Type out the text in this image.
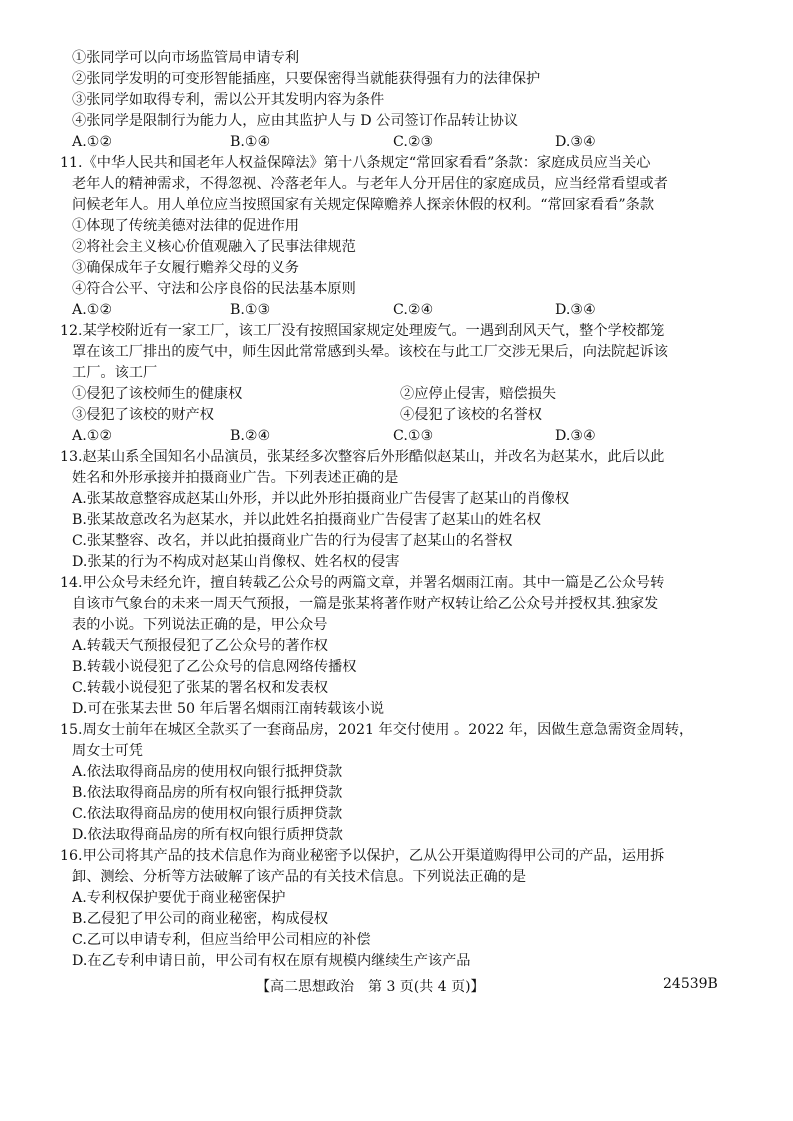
①张同学可以向市场监管局申请专利
②张同学发明的可变形智能插座，只要保密得当就能获得强有力的法律保护
③张同学如取得专利，需以公开其发明内容为条件
④张同学是限制行为能力人，应由其监护人与 D 公司签订作品转让协议
A.①②	B.①④	C.②③	D.③④
11.《中华人民共和国老年人权益保障法》第十八条规定“常回家看看”条款：家庭成员应当关心
老年人的精神需求，不得忽视、冷落老年人。与老年人分开居住的家庭成员，应当经常看望或者
问候老年人。用人单位应当按照国家有关规定保障赡养人探亲休假的权利。“常回家看看”条款
①体现了传统美德对法律的促进作用
②将社会主义核心价值观融入了民事法律规范
③确保成年子女履行赡养父母的义务
④符合公平、守法和公序良俗的民法基本原则
A.①②	B.①③	C.②④	D.③④
12.某学校附近有一家工厂，该工厂没有按照国家规定处理废气。一遇到刮风天气，整个学校都笼
罩在该工厂排出的废气中，师生因此常常感到头晕。该校在与此工厂交涉无果后，向法院起诉该
工厂。该工厂
①侵犯了该校师生的健康权	②应停止侵害，赔偿损失
③侵犯了该校的财产权	④侵犯了该校的名誉权
A.①②	B.②④	C.①③	D.③④
13.赵某山系全国知名小品演员，张某经多次整容后外形酷似赵某山，并改名为赵某水，此后以此
姓名和外形承接并拍摄商业广告。下列表述正确的是
A.张某故意整容成赵某山外形，并以此外形拍摄商业广告侵害了赵某山的肖像权
B.张某故意改名为赵某水，并以此姓名拍摄商业广告侵害了赵某山的姓名权
C.张某整容、改名，并以此拍摄商业广告的行为侵害了赵某山的名誉权
D.张某的行为不构成对赵某山肖像权、姓名权的侵害
14.甲公众号未经允许，擅自转载乙公众号的两篇文章，并署名烟雨江南。其中一篇是乙公众号转
自该市气象台的未来一周天气预报，一篇是张某将著作财产权转让给乙公众号并授权其.独家发
表的小说。下列说法正确的是，甲公众号
A.转载天气预报侵犯了乙公众号的著作权
B.转载小说侵犯了乙公众号的信息网络传播权
C.转载小说侵犯了张某的署名权和发表权
D.可在张某去世 50 年后署名烟雨江南转载该小说
15.周女士前年在城区全款买了一套商品房，2021 年交付使用 。2022 年，因做生意急需资金周转，
周女士可凭
A.依法取得商品房的使用权向银行抵押贷款
B.依法取得商品房的所有权向银行抵押贷款
C.依法取得商品房的使用权向银行质押贷款
D.依法取得商品房的所有权向银行质押贷款
16.甲公司将其产品的技术信息作为商业秘密予以保护，乙从公开渠道购得甲公司的产品，运用拆
卸、测绘、分析等方法破解了该产品的有关技术信息。下列说法正确的是
A.专利权保护要优于商业秘密保护
B.乙侵犯了甲公司的商业秘密，构成侵权
C.乙可以申请专利，但应当给甲公司相应的补偿
D.在乙专利申请日前，甲公司有权在原有规模内继续生产该产品
【高二思想政治　第 3 页(共 4 页)】	24539B
